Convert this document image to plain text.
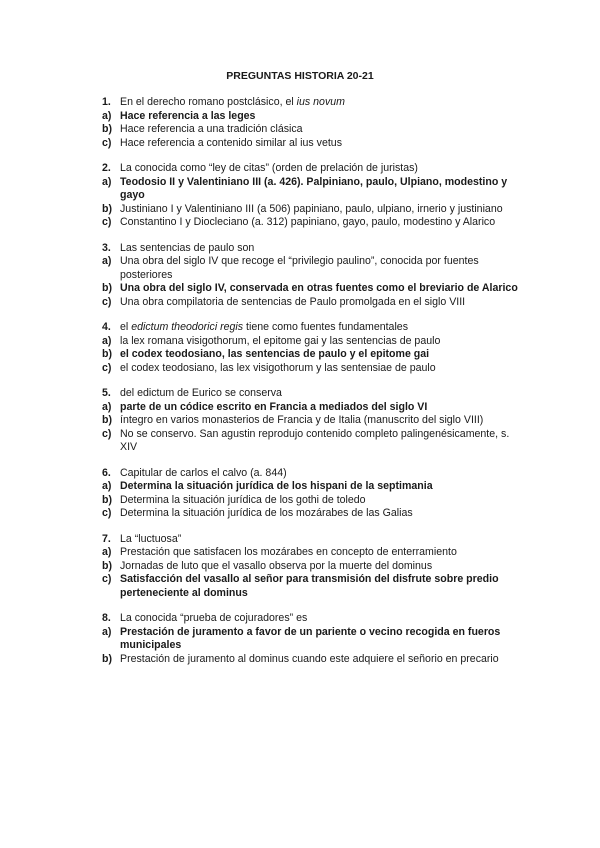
PREGUNTAS HISTORIA 20-21
1. En el derecho romano postclásico, el ius novum
a) Hace referencia a las leges
b) Hace referencia a una tradición clásica
c) Hace referencia a contenido similar al ius vetus
2. La conocida como “ley de citas” (orden de prelación de juristas)
a) Teodosio II y Valentiniano III (a. 426). Palpiniano, paulo, Ulpiano, modestino y gayo
b) Justiniano I y Valentiniano III (a 506) papiniano, paulo, ulpiano, irnerio y justiniano
c) Constantino I y Diocleciano (a. 312) papiniano, gayo, paulo, modestino y Alarico
3. Las sentencias de paulo son
a) Una obra del siglo IV que recoge el “privilegio paulino”, conocida por fuentes posteriores
b) Una obra del siglo IV, conservada en otras fuentes como el breviario de Alarico
c) Una obra compilatoria de sentencias de Paulo promolgada en el siglo VIII
4. el edictum theodorici regis tiene como fuentes fundamentales
a) la lex romana visigothorum, el epitome gai y las sentencias de paulo
b) el codex teodosiano, las sentencias de paulo y el epitome gai
c) el codex teodosiano, las lex visigothorum y las sentensiae de paulo
5. del edictum de Eurico se conserva
a) parte de un códice escrito en Francia a mediados del siglo VI
b) íntegro en varios monasterios de Francia y de Italia (manuscrito del siglo VIII)
c) No se conservo. San agustin reprodujo contenido completo palingenésicamente, s. XIV
6. Capitular de carlos el calvo (a. 844)
a) Determina la situación jurídica de los hispani de la septimania
b) Determina la situación jurídica de los gothi de toledo
c) Determina la situación jurídica de los mozárabes de las Galias
7. La “luctuosa”
a) Prestación que satisfacen los mozárabes en concepto de enterramiento
b) Jornadas de luto que el vasallo observa por la muerte del dominus
c) Satisfacción del vasallo al señor para transmisión del disfrute sobre predio perteneciente al dominus
8. La conocida “prueba de cojuradores” es
a) Prestación de juramento a favor de un pariente o vecino recogida en fueros municipales
b) Prestación de juramento al dominus cuando este adquiere el señorio en precario
